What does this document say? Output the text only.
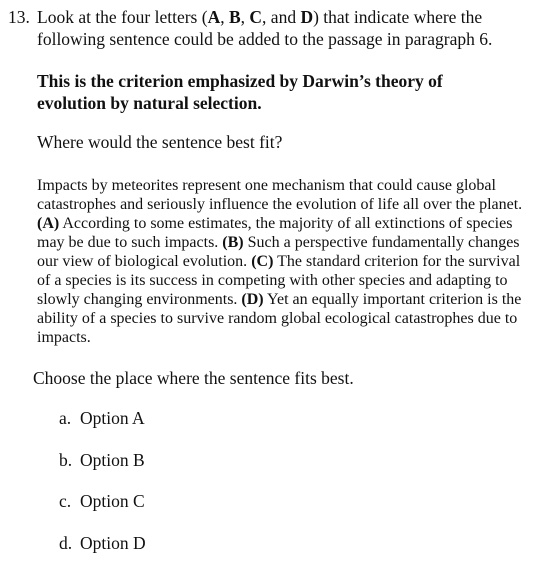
13. Look at the four letters (A, B, C, and D) that indicate where the following sentence could be added to the passage in paragraph 6.
This is the criterion emphasized by Darwin’s theory of evolution by natural selection.
Where would the sentence best fit?
Impacts by meteorites represent one mechanism that could cause global catastrophes and seriously influence the evolution of life all over the planet. (A) According to some estimates, the majority of all extinctions of species may be due to such impacts. (B) Such a perspective fundamentally changes our view of biological evolution. (C) The standard criterion for the survival of a species is its success in competing with other species and adapting to slowly changing environments. (D) Yet an equally important criterion is the ability of a species to survive random global ecological catastrophes due to impacts.
Choose the place where the sentence fits best.
a. Option A
b. Option B
c. Option C
d. Option D
